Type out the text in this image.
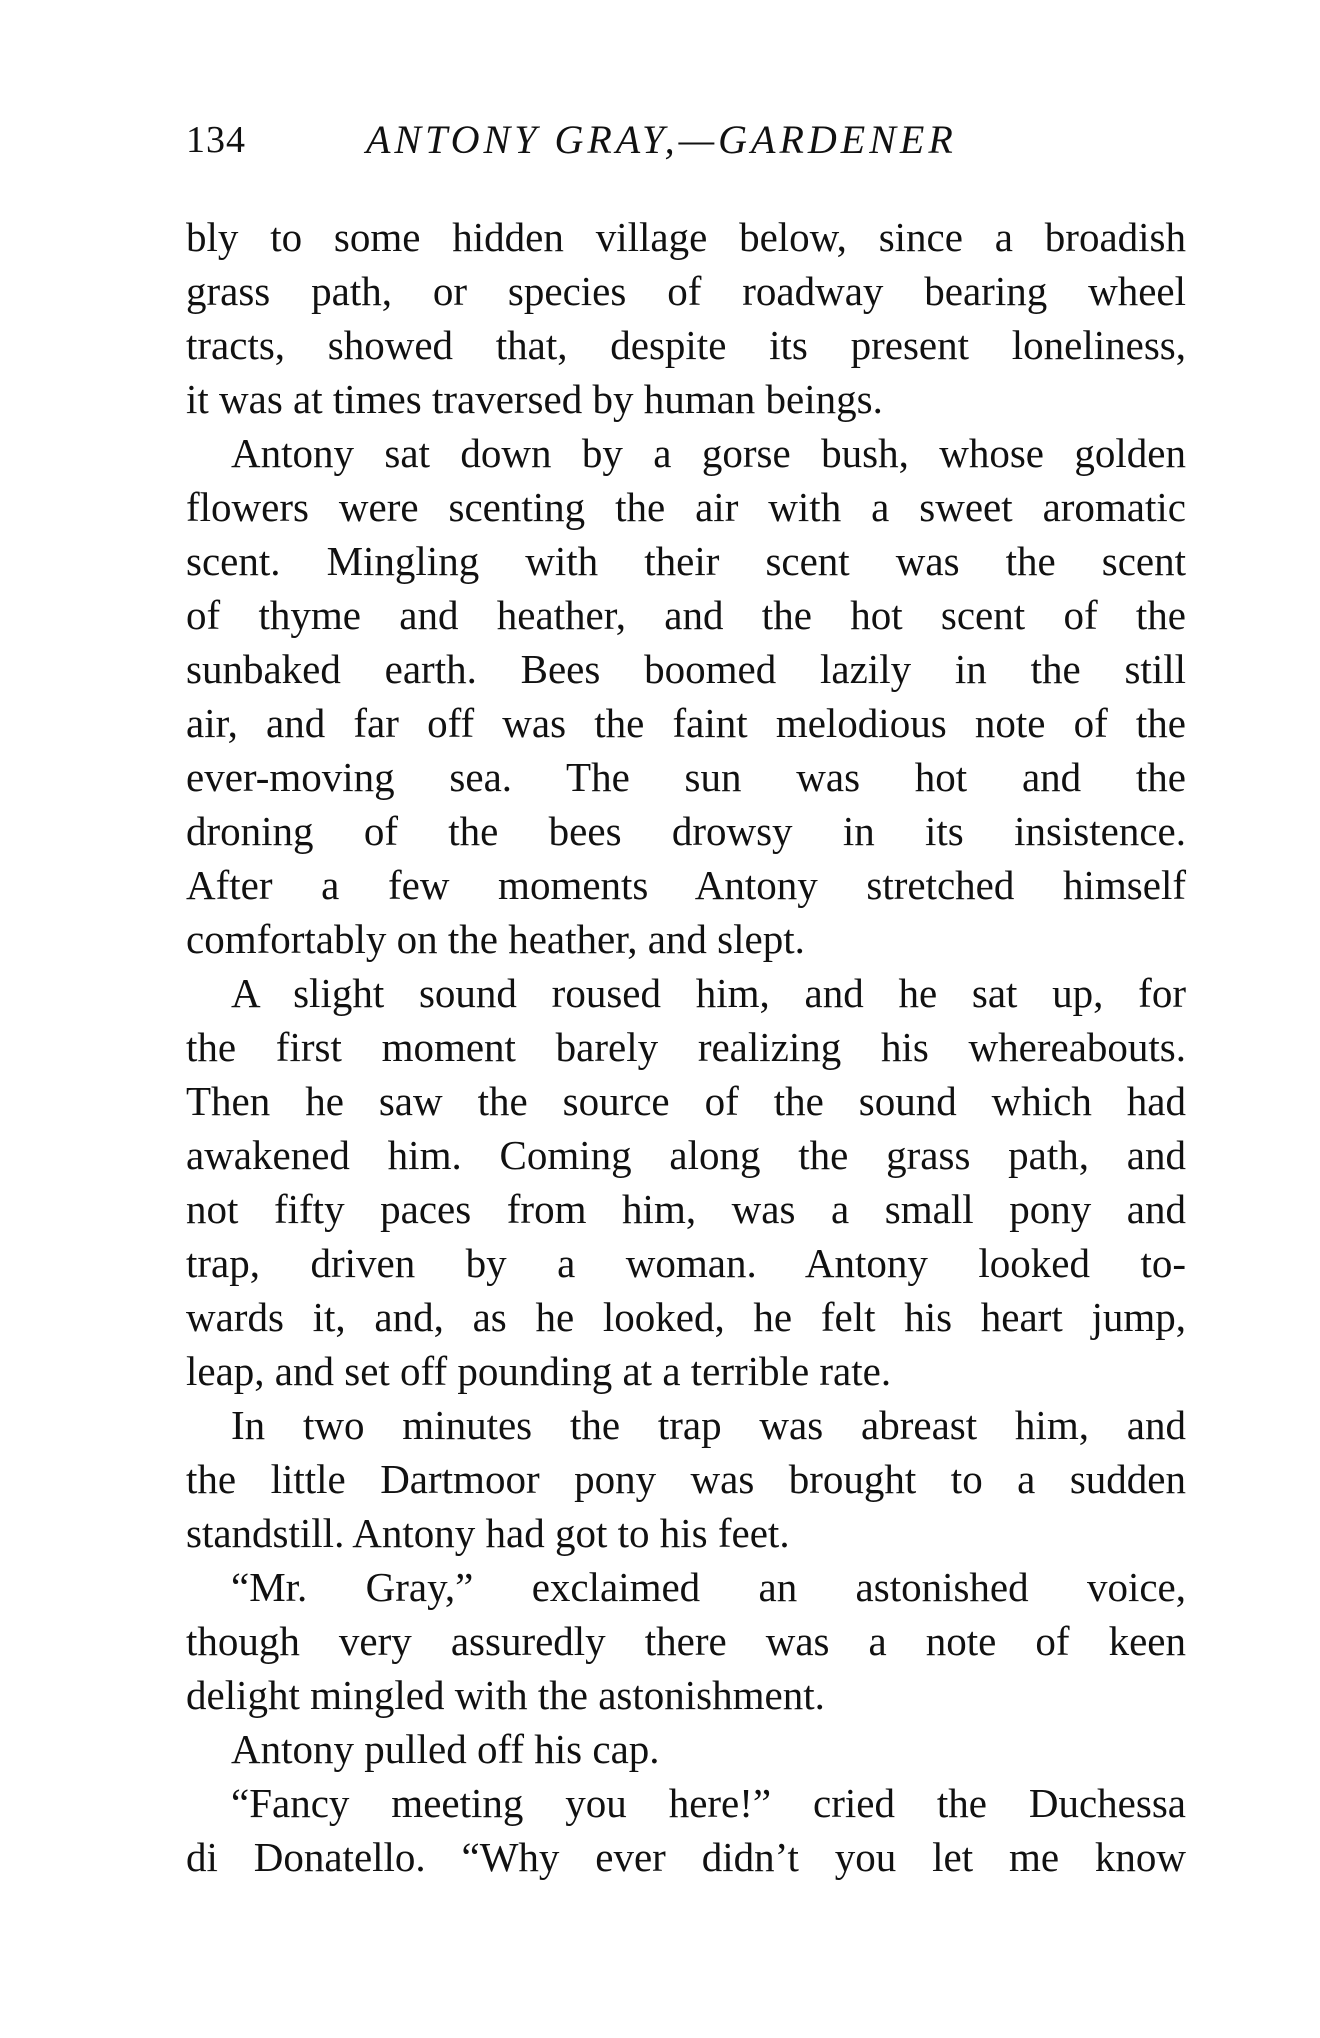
134	ANTONY GRAY,—GARDENER
bly to some hidden village below, since a broadish
grass path, or species of roadway bearing wheel
tracts, showed that, despite its present loneliness,
it was at times traversed by human beings.
Antony sat down by a gorse bush, whose golden
flowers were scenting the air with a sweet aromatic
scent. Mingling with their scent was the scent
of thyme and heather, and the hot scent of the
sunbaked earth. Bees boomed lazily in the still
air, and far off was the faint melodious note of the
ever-moving sea. The sun was hot and the
droning of the bees drowsy in its insistence.
After a few moments Antony stretched himself
comfortably on the heather, and slept.
A slight sound roused him, and he sat up, for
the first moment barely realizing his whereabouts.
Then he saw the source of the sound which had
awakened him. Coming along the grass path, and
not fifty paces from him, was a small pony and
trap, driven by a woman. Antony looked to-
wards it, and, as he looked, he felt his heart jump,
leap, and set off pounding at a terrible rate.
In two minutes the trap was abreast him, and
the little Dartmoor pony was brought to a sudden
standstill. Antony had got to his feet.
“Mr. Gray,” exclaimed an astonished voice,
though very assuredly there was a note of keen
delight mingled with the astonishment.
Antony pulled off his cap.
“Fancy meeting you here!” cried the Duchessa
di Donatello. “Why ever didn’t you let me know
